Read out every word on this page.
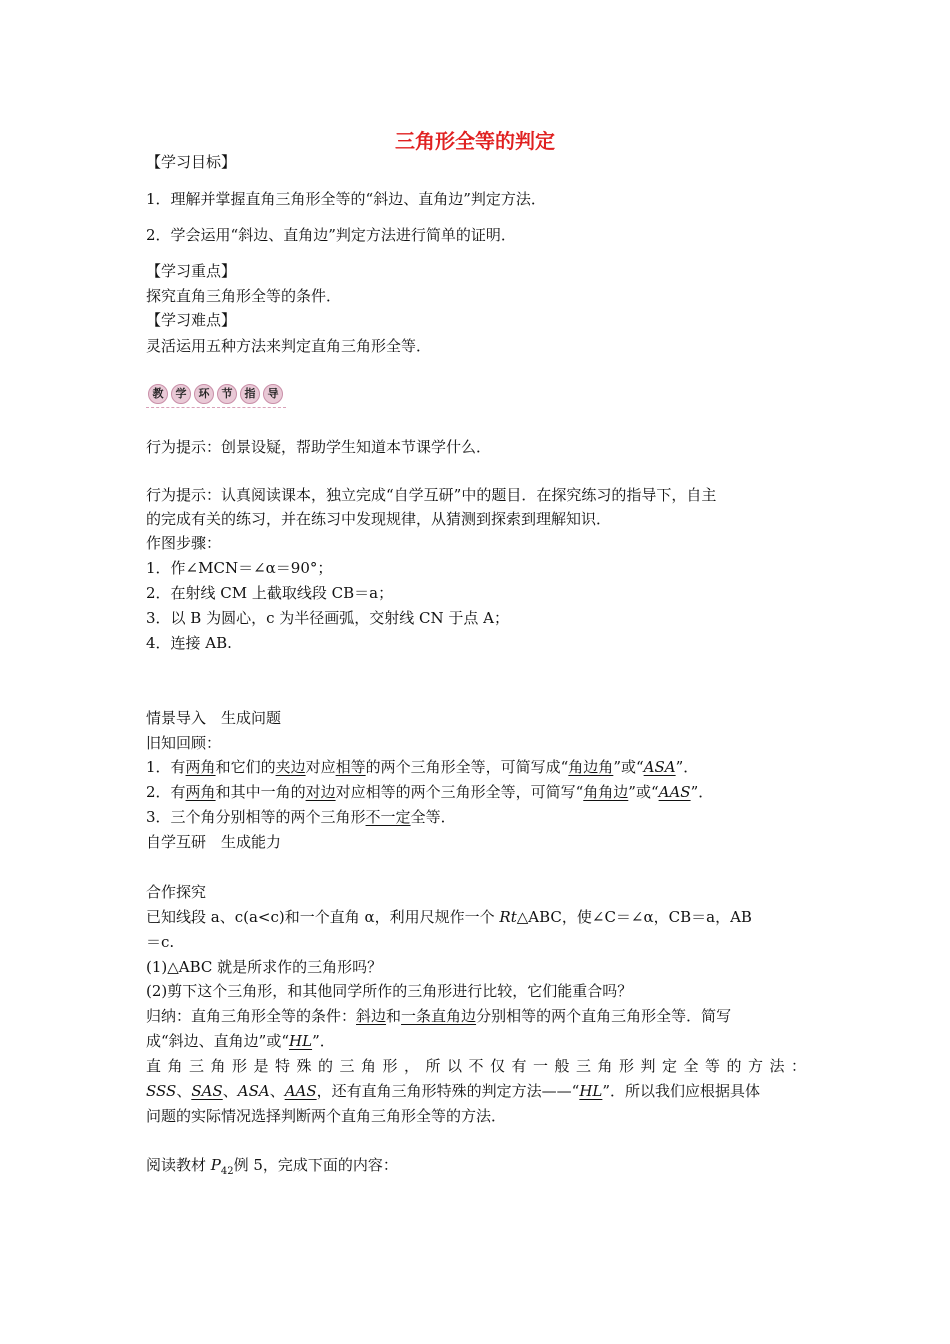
三角形全等的判定
【学习目标】
1．理解并掌握直角三角形全等的“斜边、直角边”判定方法．
2．学会运用“斜边、直角边”判定方法进行简单的证明．
【学习重点】
探究直角三角形全等的条件．
【学习难点】
灵活运用五种方法来判定直角三角形全等．
教	学	环	节	指	导
行为提示：创景设疑，帮助学生知道本节课学什么．
行为提示：认真阅读课本，独立完成“自学互研”中的题目．在探究练习的指导下，自主
的完成有关的练习，并在练习中发现规律，从猜测到探索到理解知识．
作图步骤：
1．作∠MCN＝∠α＝90°；
2．在射线 CM 上截取线段 CB＝a；
3．以 B 为圆心，c 为半径画弧，交射线 CN 于点 A；
4．连接 AB.
情景导入　生成问题
旧知回顾：
1．有两角和它们的夹边对应相等的两个三角形全等，可简写成“角边角”或“ASA”．
2．有两角和其中一角的对边对应相等的两个三角形全等，可简写“角角边”或“AAS”．
3．三个角分别相等的两个三角形不一定全等．
自学互研　生成能力
合作探究
已知线段 a、c(a<c)和一个直角 α，利用尺规作一个 Rt△ABC，使∠C＝∠α，CB＝a，AB
＝c.
(1)△ABC 就是所求作的三角形吗？
(2)剪下这个三角形，和其他同学所作的三角形进行比较，它们能重合吗？
归纳：直角三角形全等的条件：斜边和一条直角边分别相等的两个直角三角形全等．简写
成“斜边、直角边”或“HL”．
直角三角形是特殊的三角形，所以不仅有一般三角形判定全等的方法：
SSS、SAS、ASA、AAS，还有直角三角形特殊的判定方法——“HL”．所以我们应根据具体
问题的实际情况选择判断两个直角三角形全等的方法．
阅读教材 $P_{42}$例 5，完成下面的内容：
